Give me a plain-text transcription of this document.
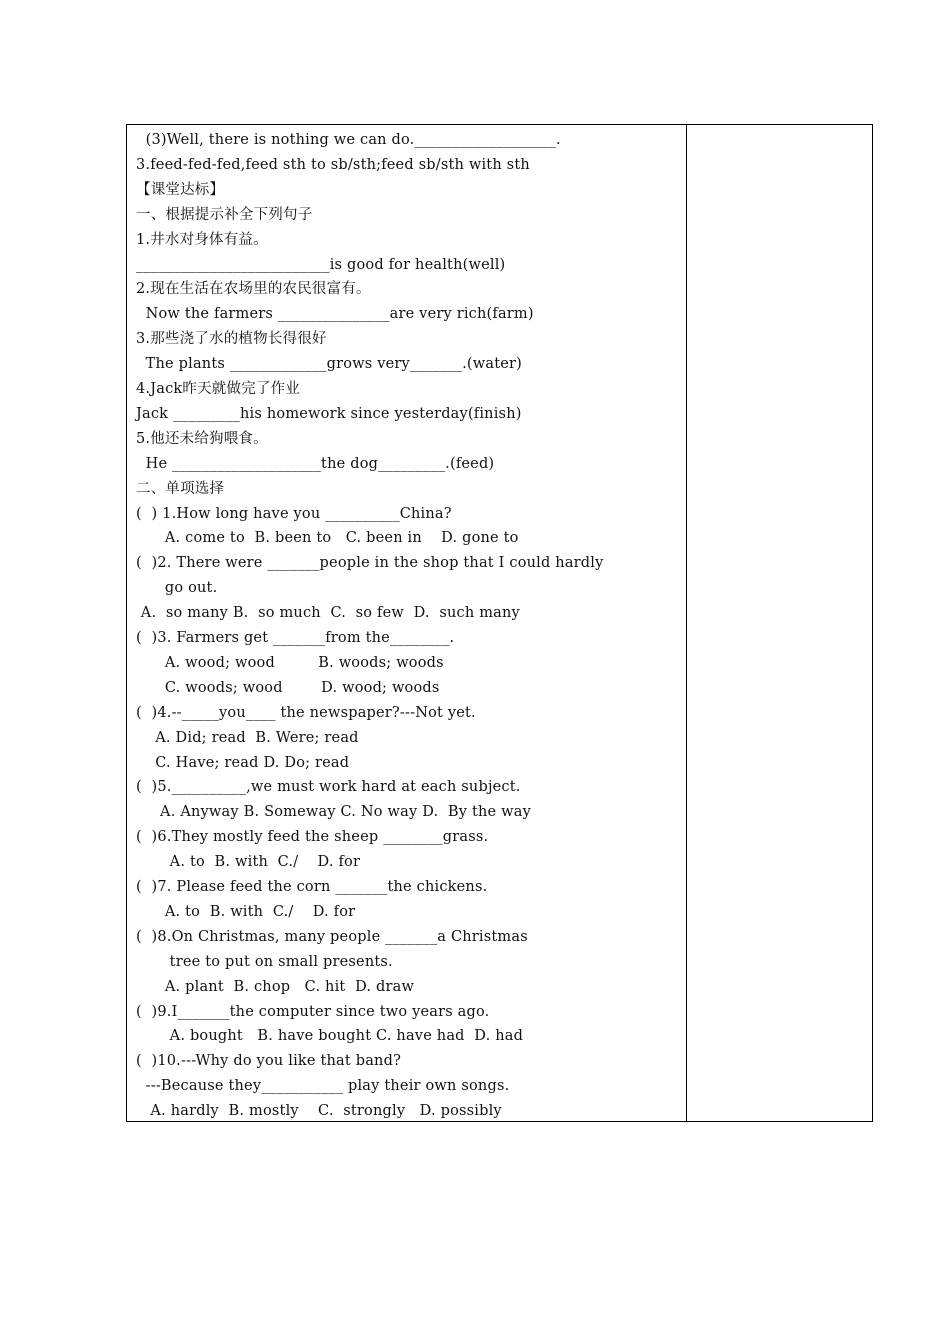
(3)Well, there is nothing we can do.___________________.
3.feed-fed-fed,feed sth to sb/sth;feed sb/sth with sth
【课堂达标】
一、根据提示补全下列句子
1.井水对身体有益。
__________________________is good for health(well)
2.现在生活在农场里的农民很富有。
Now the farmers _______________are very rich(farm)
3.那些浇了水的植物长得很好
The plants _____________grows very_______.(water)
4.Jack昨天就做完了作业
Jack _________his homework since yesterday(finish)
5.他还未给狗喂食。
He ____________________the dog_________.(feed)
二、单项选择
(  ) 1.How long have you __________China?
A. come to  B. been to   C. been in    D. gone to
(  )2. There were _______people in the shop that I could hardly
go out.
A.  so many B.  so much  C.  so few  D.  such many
(  )3. Farmers get _______from the________.
A. wood; wood         B. woods; woods
C. woods; wood        D. wood; woods
(  )4.--_____you____ the newspaper?---Not yet.
A. Did; read  B. Were; read
C. Have; read D. Do; read
(  )5.__________,we must work hard at each subject.
A. Anyway B. Someway C. No way D.  By the way
(  )6.They mostly feed the sheep ________grass.
A. to  B. with  C./    D. for
(  )7. Please feed the corn _______the chickens.
A. to  B. with  C./    D. for
(  )8.On Christmas, many people _______a Christmas
tree to put on small presents.
A. plant  B. chop   C. hit  D. draw
(  )9.I_______the computer since two years ago.
A. bought   B. have bought C. have had  D. had
(  )10.---Why do you like that band?
---Because they___________ play their own songs.
A. hardly  B. mostly    C.  strongly   D. possibly
